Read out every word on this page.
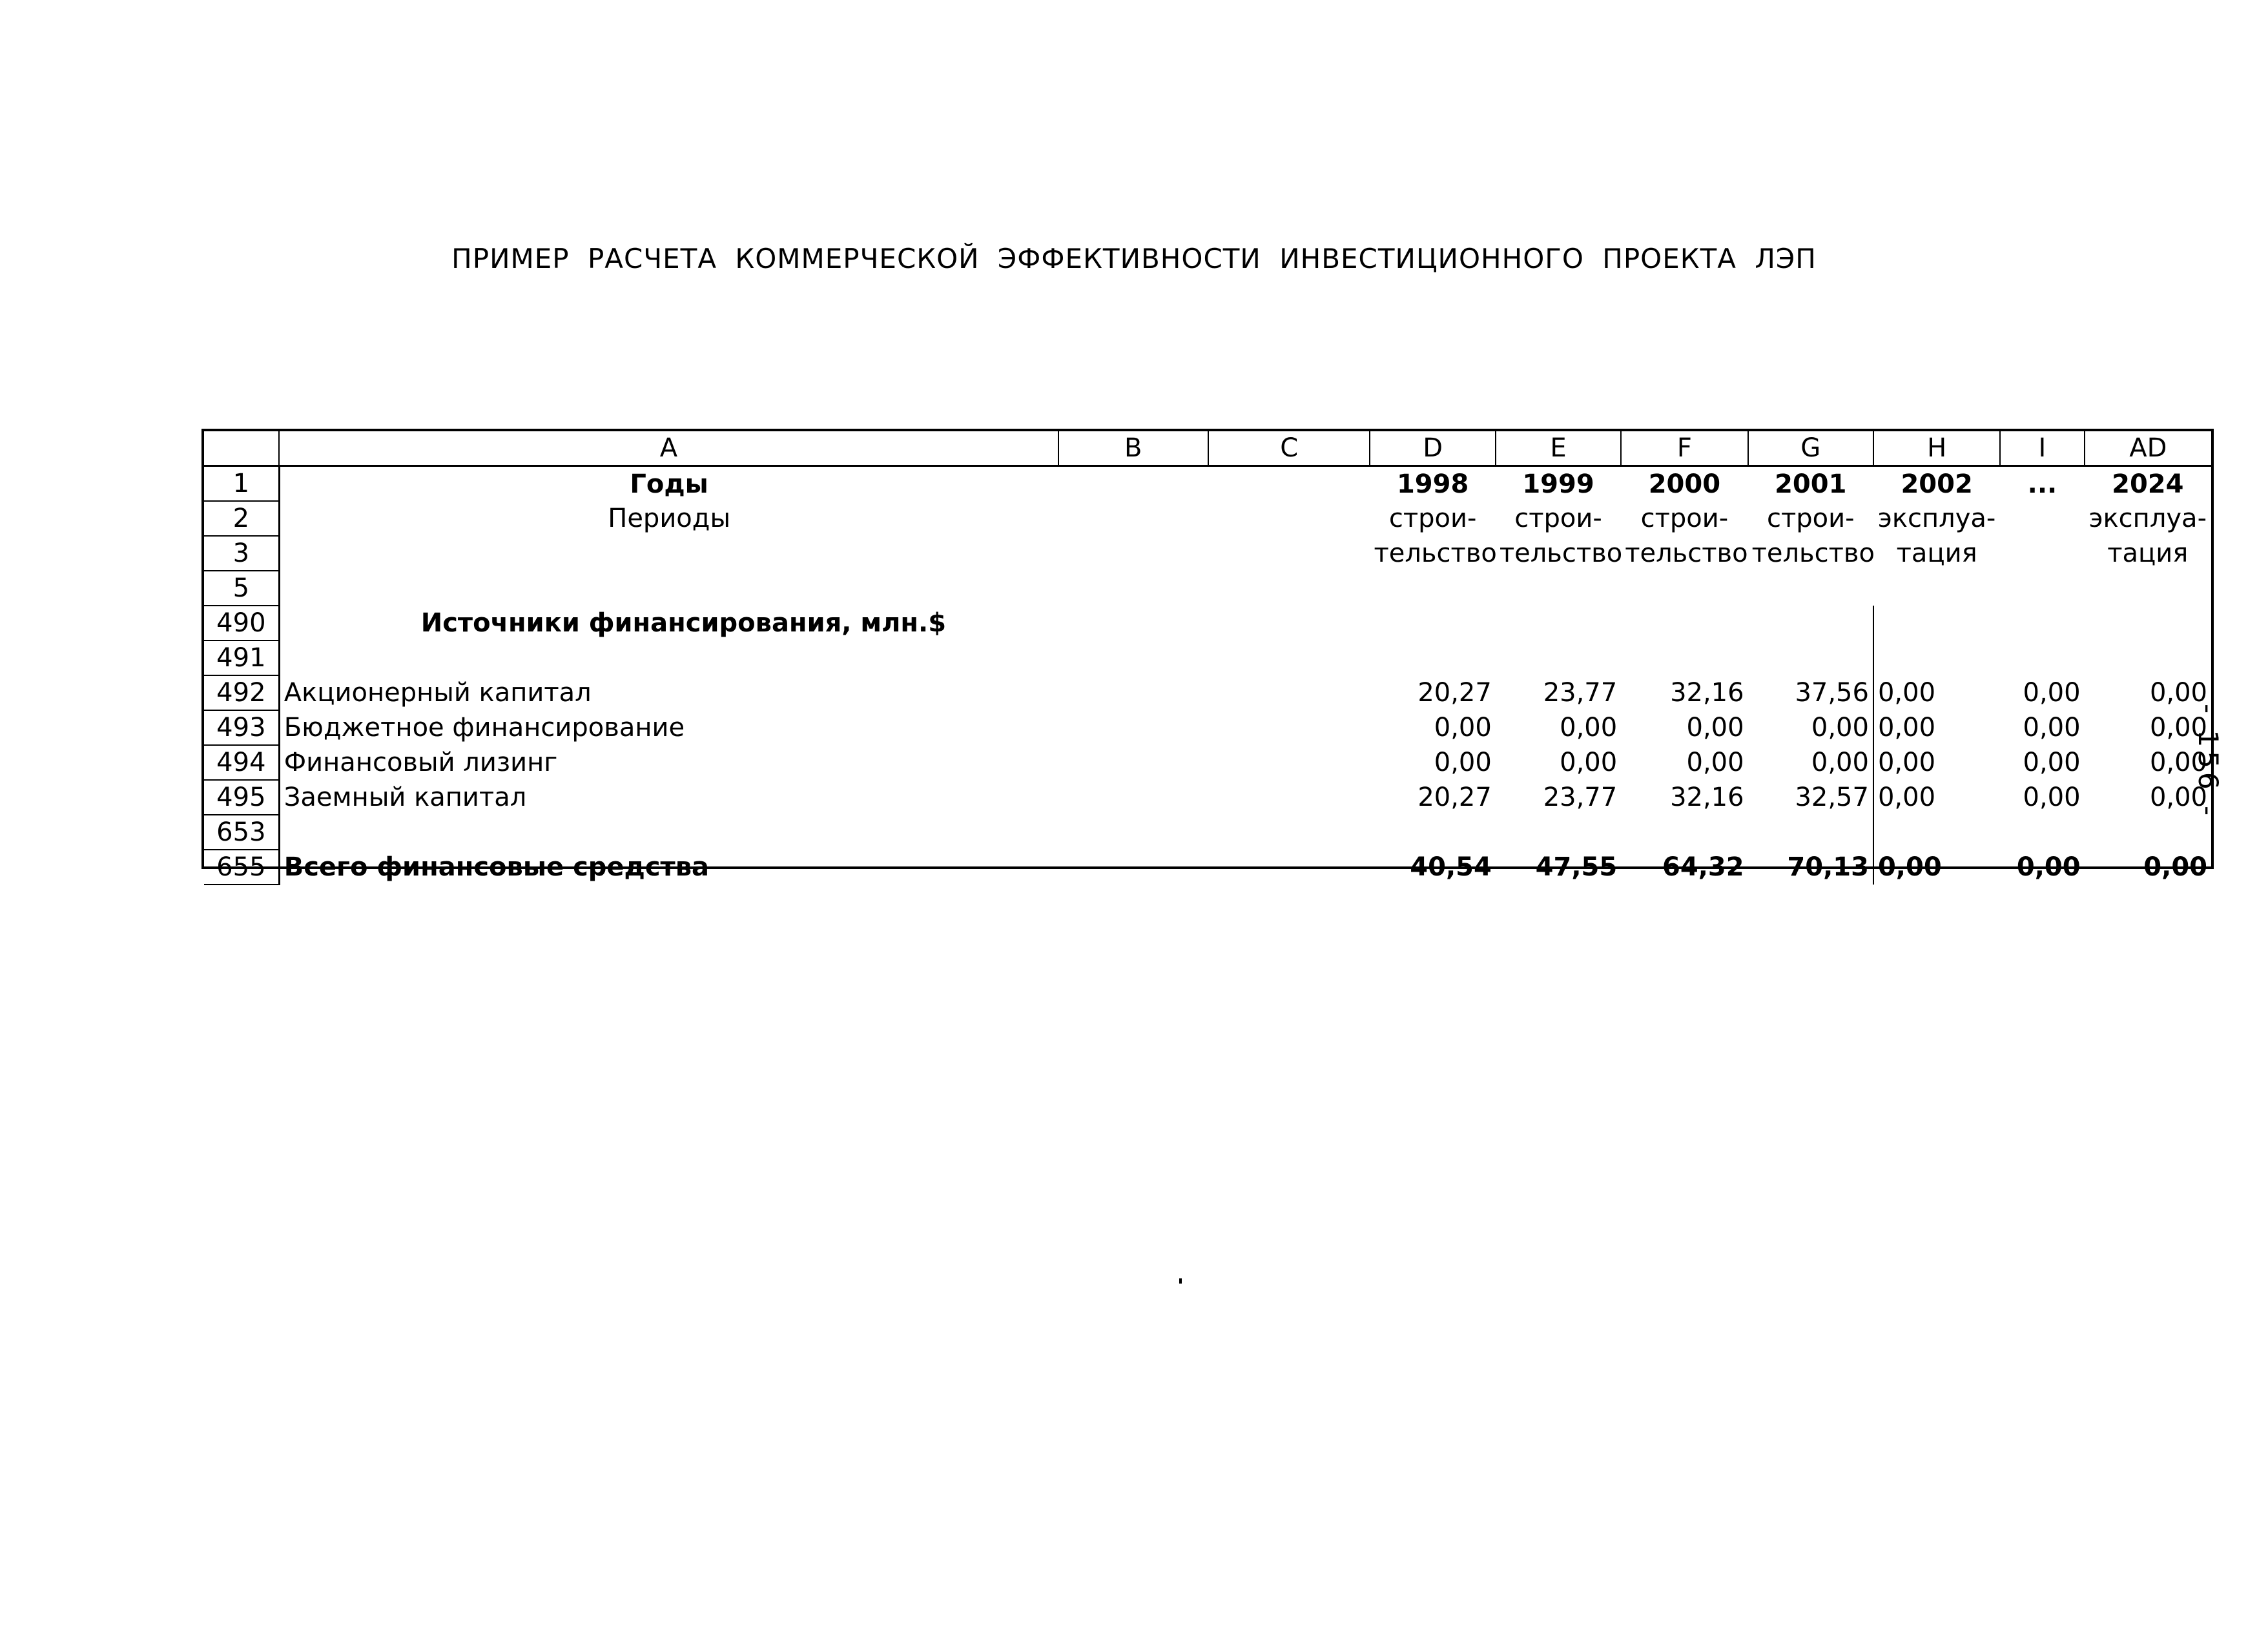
ПРИМЕР РАСЧЕТА КОММЕРЧЕСКОЙ ЭФФЕКТИВНОСТИ ИНВЕСТИЦИОННОГО ПРОЕКТА ЛЭП
	A	B	C	D	E	F	G	H	I	AD
1	Годы			1998	1999	2000	2001	2002	...	2024
2	Периоды			строи-	строи-	строи-	строи-	эксплуа-		эксплуа-
3				тельство	тельство	тельство	тельство	тация		тация
5										
490	Источники финансирования, млн.$									
491										
492	Акционерный капитал			20,27	23,77	32,16	37,56	0,00	0,00	0,00
493	Бюджетное финансирование			0,00	0,00	0,00	0,00	0,00	0,00	0,00
494	Финансовый лизинг			0,00	0,00	0,00	0,00	0,00	0,00	0,00
495	Заемный капитал			20,27	23,77	32,16	32,57	0,00	0,00	0,00
653										
655	Всего финансовые средства			40,54	47,55	64,32	70,13	0,00	0,00	0,00
- 156 -
